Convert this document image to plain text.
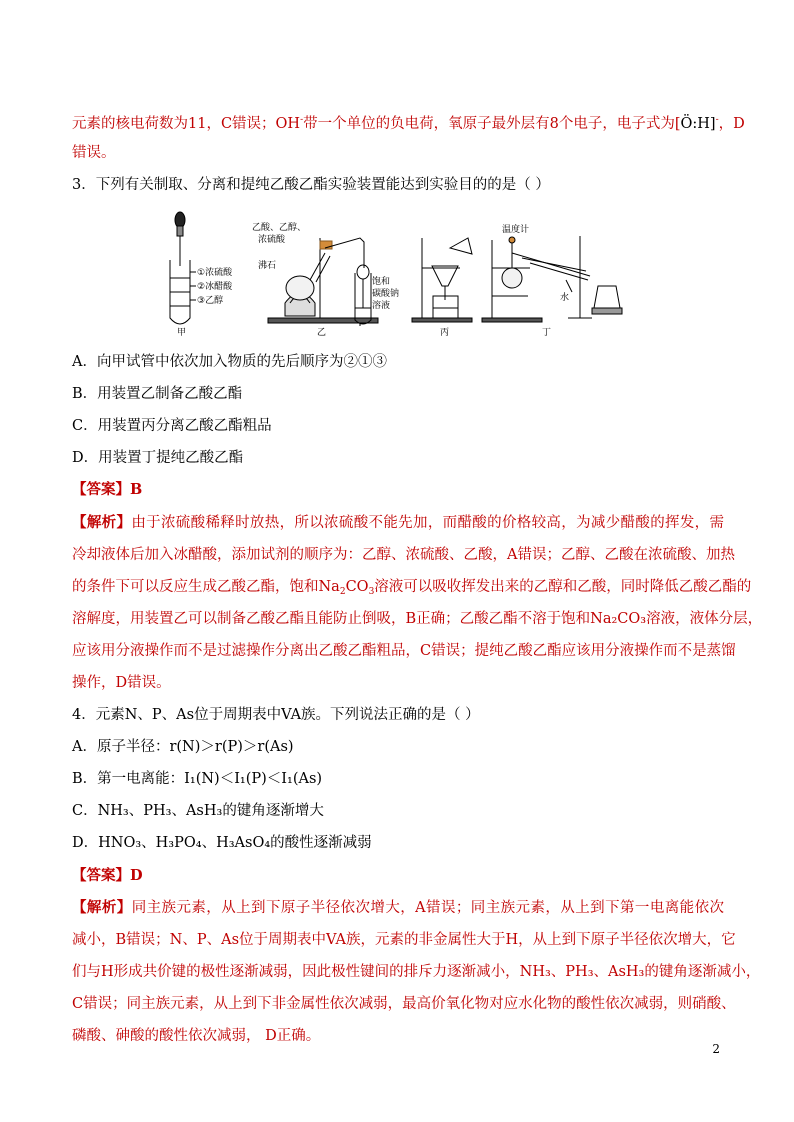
元素的核电荷数为11，C错误；OH-带一个单位的负电荷，氧原子最外层有8个电子，电子式为[Ö:H]-，D
错误。
3．下列有关制取、分离和提纯乙酸乙酯实验装置能达到实验目的的是（ ）
①浓硫酸
②冰醋酸
③乙醇
甲
乙酸、乙醇、
浓硫酸
沸石
饱和
碳酸钠
溶液
乙	丙
温度计
水
丁
A．向甲试管中依次加入物质的先后顺序为②①③
B．用装置乙制备乙酸乙酯
C．用装置丙分离乙酸乙酯粗品
D．用装置丁提纯乙酸乙酯
【答案】B
【解析】由于浓硫酸稀释时放热，所以浓硫酸不能先加，而醋酸的价格较高，为减少醋酸的挥发，需
冷却液体后加入冰醋酸，添加试剂的顺序为：乙醇、浓硫酸、乙酸，A错误；乙醇、乙酸在浓硫酸、加热
的条件下可以反应生成乙酸乙酯，饱和$Na_2CO_3$溶液可以吸收挥发出来的乙醇和乙酸，同时降低乙酸乙酯的
溶解度，用装置乙可以制备乙酸乙酯且能防止倒吸，B正确；乙酸乙酯不溶于饱和Na₂CO₃溶液，液体分层，
应该用分液操作而不是过滤操作分离出乙酸乙酯粗品，C错误；提纯乙酸乙酯应该用分液操作而不是蒸馏
操作，D错误。
4．元素N、P、As位于周期表中VA族。下列说法正确的是（ ）
A．原子半径：r(N)＞r(P)＞r(As)
B．第一电离能：I₁(N)＜I₁(P)＜I₁(As)
C．NH₃、PH₃、AsH₃的键角逐渐增大
D．HNO₃、H₃PO₄、H₃AsO₄的酸性逐渐减弱
【答案】D
【解析】同主族元素，从上到下原子半径依次增大，A错误；同主族元素，从上到下第一电离能依次
减小，B错误；N、P、As位于周期表中VA族，元素的非金属性大于H，从上到下原子半径依次增大，它
们与H形成共价键的极性逐渐减弱，因此极性键间的排斥力逐渐减小，NH₃、PH₃、AsH₃的键角逐渐减小，
C错误；同主族元素，从上到下非金属性依次减弱，最高价氧化物对应水化物的酸性依次减弱，则硝酸、
磷酸、砷酸的酸性依次减弱， D正确。
2
